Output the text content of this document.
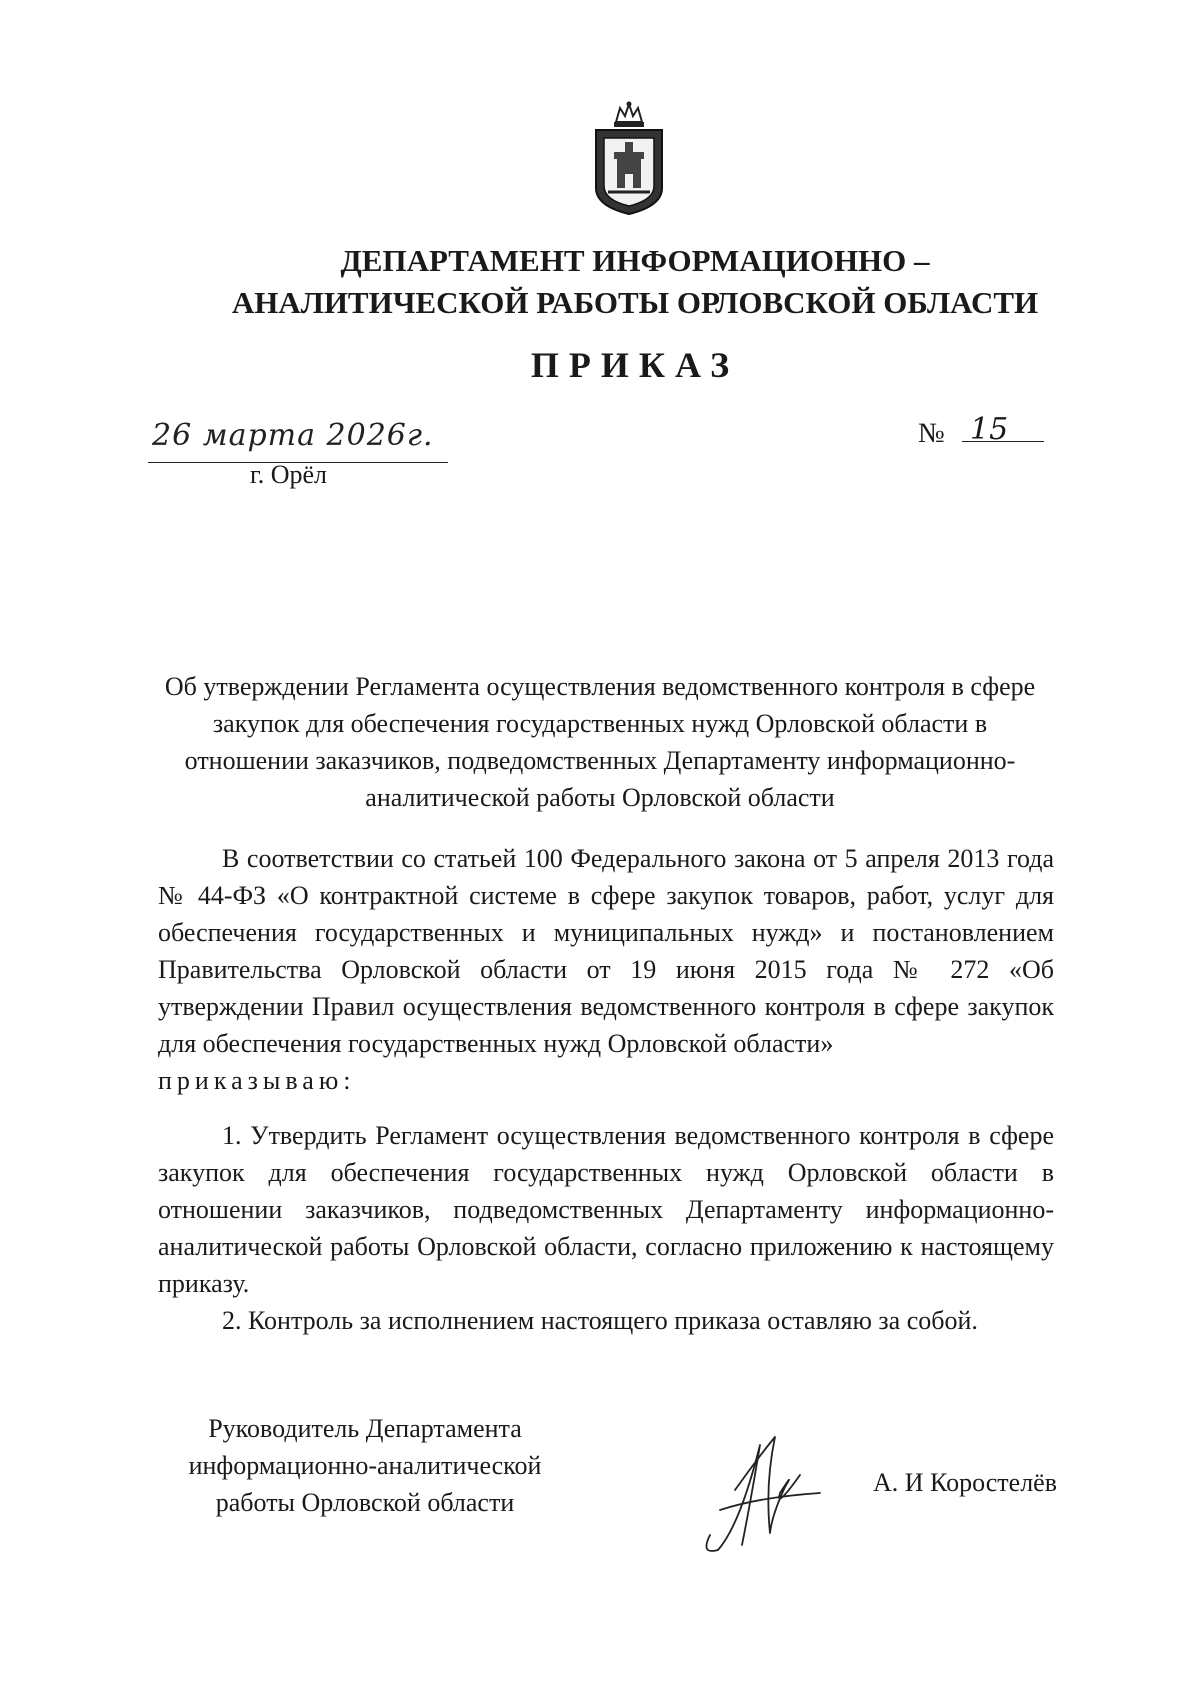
ДЕПАРТАМЕНТ ИНФОРМАЦИОННО –
АНАЛИТИЧЕСКОЙ РАБОТЫ ОРЛОВСКОЙ ОБЛАСТИ
ПРИКАЗ
26 марта 2026г.
г. Орёл
№ 15
Об утверждении Регламента осуществления ведомственного контроля в сфере закупок для обеспечения государственных нужд Орловской области в отношении заказчиков, подведомственных Департаменту информационно-аналитической работы Орловской области

В соответствии со статьей 100 Федерального закона от 5 апреля 2013 года № 44-ФЗ «О контрактной системе в сфере закупок товаров, работ, услуг для обеспечения государственных и муниципальных нужд» и постановлением Правительства Орловской области от 19 июня 2015 года № 272 «Об утверждении Правил осуществления ведомственного контроля в сфере закупок для обеспечения государственных нужд Орловской области»

приказываю:

1. Утвердить Регламент осуществления ведомственного контроля в сфере закупок для обеспечения государственных нужд Орловской области в отношении заказчиков, подведомственных Департаменту информационно-аналитической работы Орловской области, согласно приложению к настоящему приказу.

2. Контроль за исполнением настоящего приказа оставляю за собой.

Руководитель Департамента
информационно-аналитической
работы Орловской области
А. И Коростелёв
